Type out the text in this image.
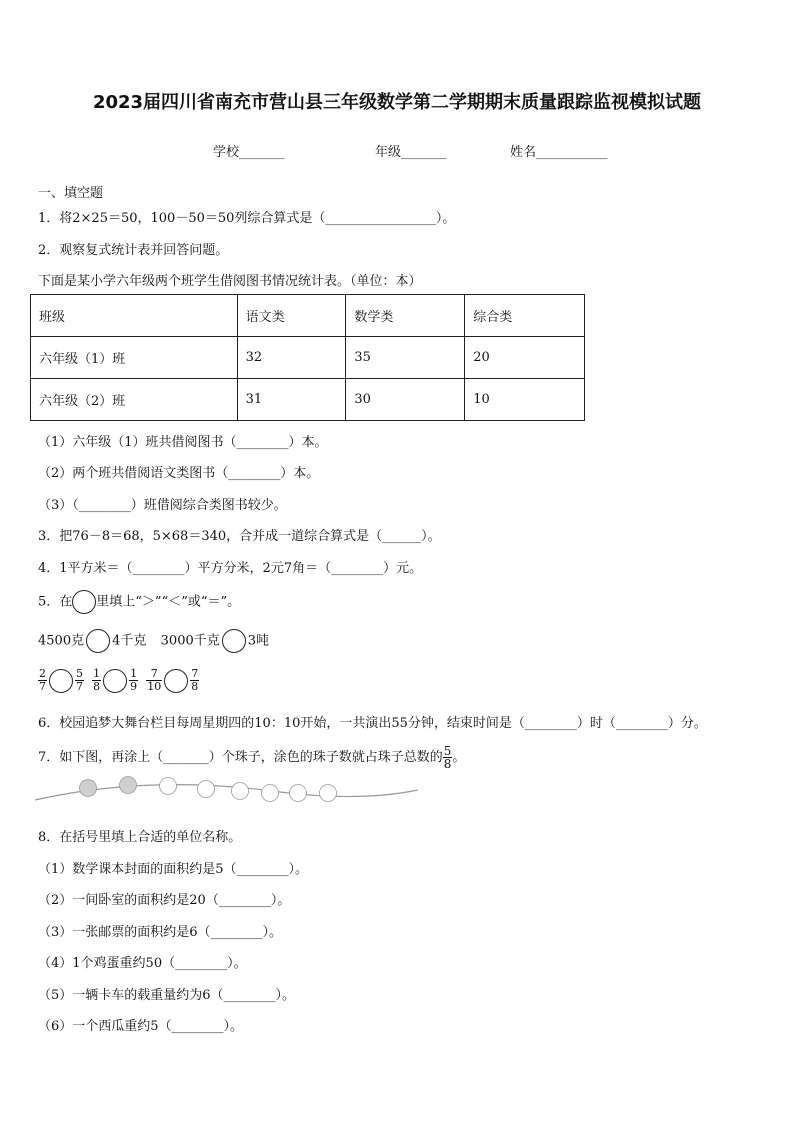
2023届四川省南充市营山县三年级数学第二学期期末质量跟踪监视模拟试题
学校_______	年级_______	姓名___________
一、填空题
1．将2×25＝50，100－50＝50列综合算式是（_________________）。
2．观察复式统计表并回答问题。
下面是某小学六年级两个班学生借阅图书情况统计表。（单位：本）
班级	语文类	数学类	综合类
六年级（1）班	32	35	20
六年级（2）班	31	30	10
（1）六年级（1）班共借阅图书（________）本。
（2）两个班共借阅语文类图书（________）本。
（3）（________）班借阅综合类图书较少。
3．把76－8＝68，5×68＝340，合并成一道综合算式是（______）。
4．1平方米＝（________）平方分米，2元7角＝（________）元。
5．在 里填上“＞”“＜”或“＝”。
4500克 4千克 3000千克 3吨
$\frac{2}{7}$	$\frac{5}{7}$
$\frac{1}{8}$	$\frac{1}{9}$
$\frac{7}{10}$	$\frac{7}{8}$
6．校园追梦大舞台栏目每周星期四的10：10开始，一共演出55分钟，结束时间是（________）时（________）分。
7．如下图，再涂上（_______）个珠子，涂色的珠子数就占珠子总数的 $\frac{5}{8}$ 。
8．在括号里填上合适的单位名称。
（1）数学课本封面的面积约是5（________）。
（2）一间卧室的面积约是20（________）。
（3）一张邮票的面积约是6（________）。
（4）1个鸡蛋重约50（________）。
（5）一辆卡车的载重量约为6（________）。
（6）一个西瓜重约5（________）。
